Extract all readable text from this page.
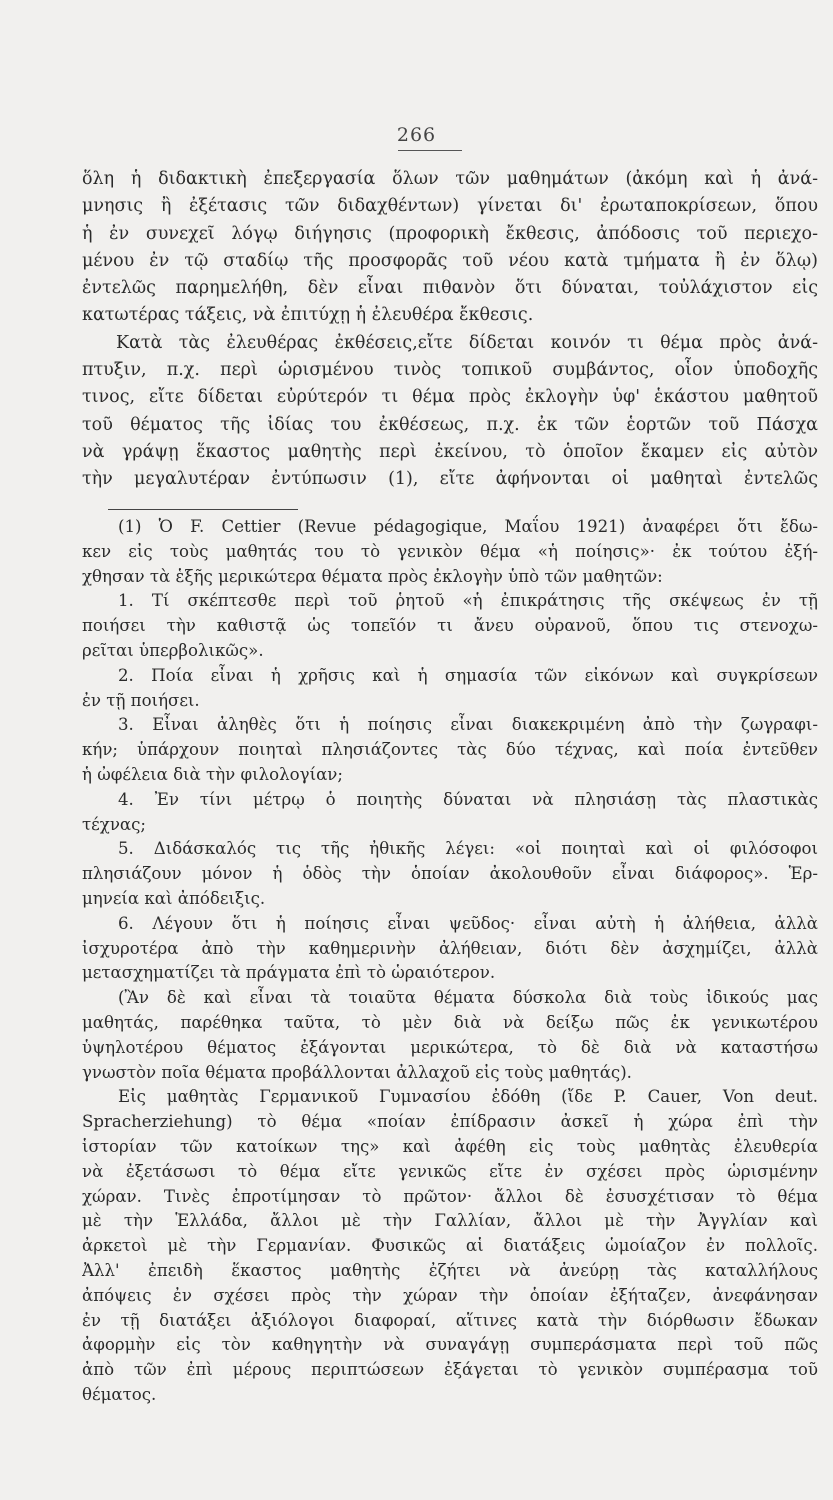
266
ὅλη ἡ διδακτικὴ ἐπεξεργασία ὅλων τῶν μαθημάτων (ἀκόμη καὶ ἡ ἀνά-
μνησις ἢ ἐξέτασις τῶν διδαχθέντων) γίνεται δι' ἐρωταποκρίσεων, ὅπου
ἡ ἐν συνεχεῖ λόγῳ διήγησις (προφορικὴ ἔκθεσις, ἀπόδοσις τοῦ περιεχο-
μένου ἐν τῷ σταδίῳ τῆς προσφορᾶς τοῦ νέου κατὰ τμήματα ἢ ἐν ὅλῳ)
ἐντελῶς παρημελήθη, δὲν εἶναι πιθανὸν ὅτι δύναται, τοὐλάχιστον εἰς
κατωτέρας τάξεις, νὰ ἐπιτύχῃ ἡ ἐλευθέρα ἔκθεσις.
Κατὰ τὰς ἐλευθέρας ἐκθέσεις,εἴτε δίδεται κοινόν τι θέμα πρὸς ἀνά-
πτυξιν, π.χ. περὶ ὡρισμένου τινὸς τοπικοῦ συμβάντος, οἷον ὑποδοχῆς
τινος, εἴτε δίδεται εὐρύτερόν τι θέμα πρὸς ἐκλογὴν ὑφ' ἑκάστου μαθητοῦ
τοῦ θέματος τῆς ἰδίας του ἐκθέσεως, π.χ. ἐκ τῶν ἑορτῶν τοῦ Πάσχα
νὰ γράψῃ ἕκαστος μαθητὴς περὶ ἐκείνου, τὸ ὁποῖον ἔκαμεν εἰς αὐτὸν
τὴν μεγαλυτέραν ἐντύπωσιν (1), εἴτε ἀφήνονται οἱ μαθηταὶ ἐντελῶς
(1) Ὁ F. Cettier (Revue pédagogique, Μαΐου 1921) ἀναφέρει ὅτι ἔδω-
κεν εἰς τοὺς μαθητάς του τὸ γενικὸν θέμα «ἡ ποίησις»· ἐκ τούτου ἐξή-
χθησαν τὰ ἑξῆς μερικώτερα θέματα πρὸς ἐκλογὴν ὑπὸ τῶν μαθητῶν:
1. Τί σκέπτεσθε περὶ τοῦ ῥητοῦ «ἡ ἐπικράτησις τῆς σκέψεως ἐν τῇ
ποιήσει τὴν καθιστᾷ ὡς τοπεῖόν τι ἄνευ οὐρανοῦ, ὅπου τις στενοχω-
ρεῖται ὑπερβολικῶς».
2. Ποία εἶναι ἡ χρῆσις καὶ ἡ σημασία τῶν εἰκόνων καὶ συγκρίσεων
ἐν τῇ ποιήσει.
3. Εἶναι ἀληθὲς ὅτι ἡ ποίησις εἶναι διακεκριμένη ἀπὸ τὴν ζωγραφι-
κήν; ὑπάρχουν ποιηταὶ πλησιάζοντες τὰς δύο τέχνας, καὶ ποία ἐντεῦθεν
ἡ ὠφέλεια διὰ τὴν φιλολογίαν;
4. Ἐν τίνι μέτρῳ ὁ ποιητὴς δύναται νὰ πλησιάσῃ τὰς πλαστικὰς
τέχνας;
5. Διδάσκαλός τις τῆς ἠθικῆς λέγει: «οἱ ποιηταὶ καὶ οἱ φιλόσοφοι
πλησιάζουν μόνον ἡ ὁδὸς τὴν ὁποίαν ἀκολουθοῦν εἶναι διάφορος». Ἑρ-
μηνεία καὶ ἀπόδειξις.
6. Λέγουν ὅτι ἡ ποίησις εἶναι ψεῦδος· εἶναι αὐτὴ ἡ ἀλήθεια, ἀλλὰ
ἰσχυροτέρα ἀπὸ τὴν καθημερινὴν ἀλήθειαν, διότι δὲν ἀσχημίζει, ἀλλὰ
μετασχηματίζει τὰ πράγματα ἐπὶ τὸ ὡραιότερον.
(Ἂν δὲ καὶ εἶναι τὰ τοιαῦτα θέματα δύσκολα διὰ τοὺς ἰδικούς μας
μαθητάς, παρέθηκα ταῦτα, τὸ μὲν διὰ νὰ δείξω πῶς ἐκ γενικωτέρου
ὑψηλοτέρου θέματος ἐξάγονται μερικώτερα, τὸ δὲ διὰ νὰ καταστήσω
γνωστὸν ποῖα θέματα προβάλλονται ἀλλαχοῦ εἰς τοὺς μαθητάς).
Εἰς μαθητὰς Γερμανικοῦ Γυμνασίου ἐδόθη (ἴδε P. Cauer, Von deut.
Spracherziehung) τὸ θέμα «ποίαν ἐπίδρασιν ἀσκεῖ ἡ χώρα ἐπὶ τὴν
ἱστορίαν τῶν κατοίκων της» καὶ ἀφέθη εἰς τοὺς μαθητὰς ἐλευθερία
νὰ ἐξετάσωσι τὸ θέμα εἴτε γενικῶς εἴτε ἐν σχέσει πρὸς ὡρισμένην
χώραν. Τινὲς ἐπροτίμησαν τὸ πρῶτον· ἄλλοι δὲ ἐσυσχέτισαν τὸ θέμα
μὲ τὴν Ἑλλάδα, ἄλλοι μὲ τὴν Γαλλίαν, ἄλλοι μὲ τὴν Ἀγγλίαν καὶ
ἀρκετοὶ μὲ τὴν Γερμανίαν. Φυσικῶς αἱ διατάξεις ὡμοίαζον ἐν πολλοῖς.
Ἀλλ' ἐπειδὴ ἕκαστος μαθητὴς ἐζήτει νὰ ἀνεύρῃ τὰς καταλλήλους
ἀπόψεις ἐν σχέσει πρὸς τὴν χώραν τὴν ὁποίαν ἐξήταζεν, ἀνεφάνησαν
ἐν τῇ διατάξει ἀξιόλογοι διαφοραί, αἵτινες κατὰ τὴν διόρθωσιν ἔδωκαν
ἀφορμὴν εἰς τὸν καθηγητὴν νὰ συναγάγῃ συμπεράσματα περὶ τοῦ πῶς
ἀπὸ τῶν ἐπὶ μέρους περιπτώσεων ἐξάγεται τὸ γενικὸν συμπέρασμα τοῦ
θέματος.
